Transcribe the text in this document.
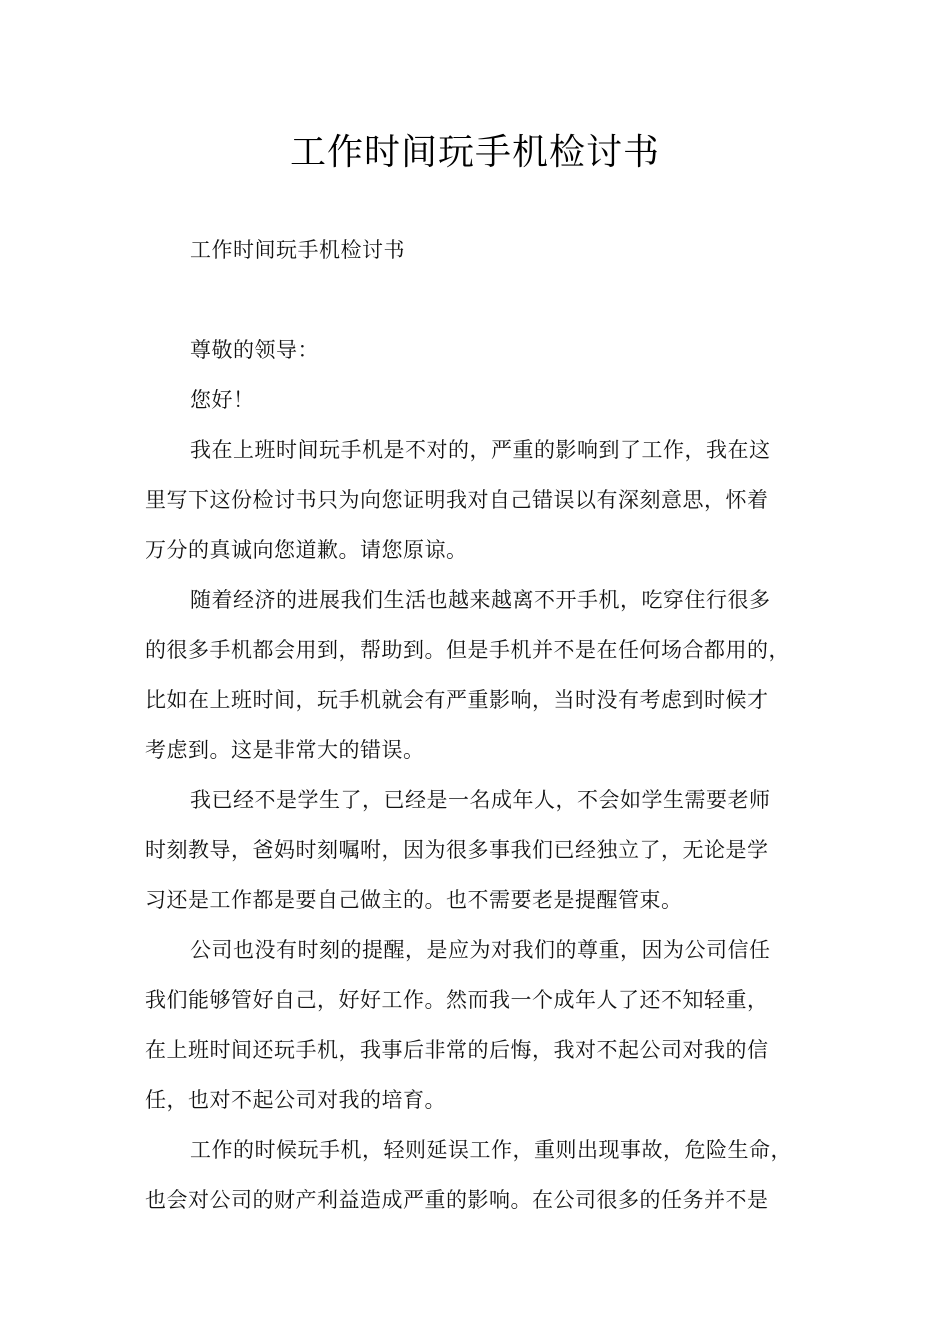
工作时间玩手机检讨书
工作时间玩手机检讨书
尊敬的领导：
您好！
我在上班时间玩手机是不对的，严重的影响到了工作，我在这
里写下这份检讨书只为向您证明我对自己错误以有深刻意思，怀着
万分的真诚向您道歉。请您原谅。
随着经济的进展我们生活也越来越离不开手机，吃穿住行很多
的很多手机都会用到，帮助到。但是手机并不是在任何场合都用的，
比如在上班时间，玩手机就会有严重影响，当时没有考虑到时候才
考虑到。这是非常大的错误。
我已经不是学生了，已经是一名成年人，不会如学生需要老师
时刻教导，爸妈时刻嘱咐，因为很多事我们已经独立了，无论是学
习还是工作都是要自己做主的。也不需要老是提醒管束。
公司也没有时刻的提醒，是应为对我们的尊重，因为公司信任
我们能够管好自己，好好工作。然而我一个成年人了还不知轻重，
在上班时间还玩手机，我事后非常的后悔，我对不起公司对我的信
任，也对不起公司对我的培育。
工作的时候玩手机，轻则延误工作，重则出现事故，危险生命，
也会对公司的财产利益造成严重的影响。在公司很多的任务并不是
